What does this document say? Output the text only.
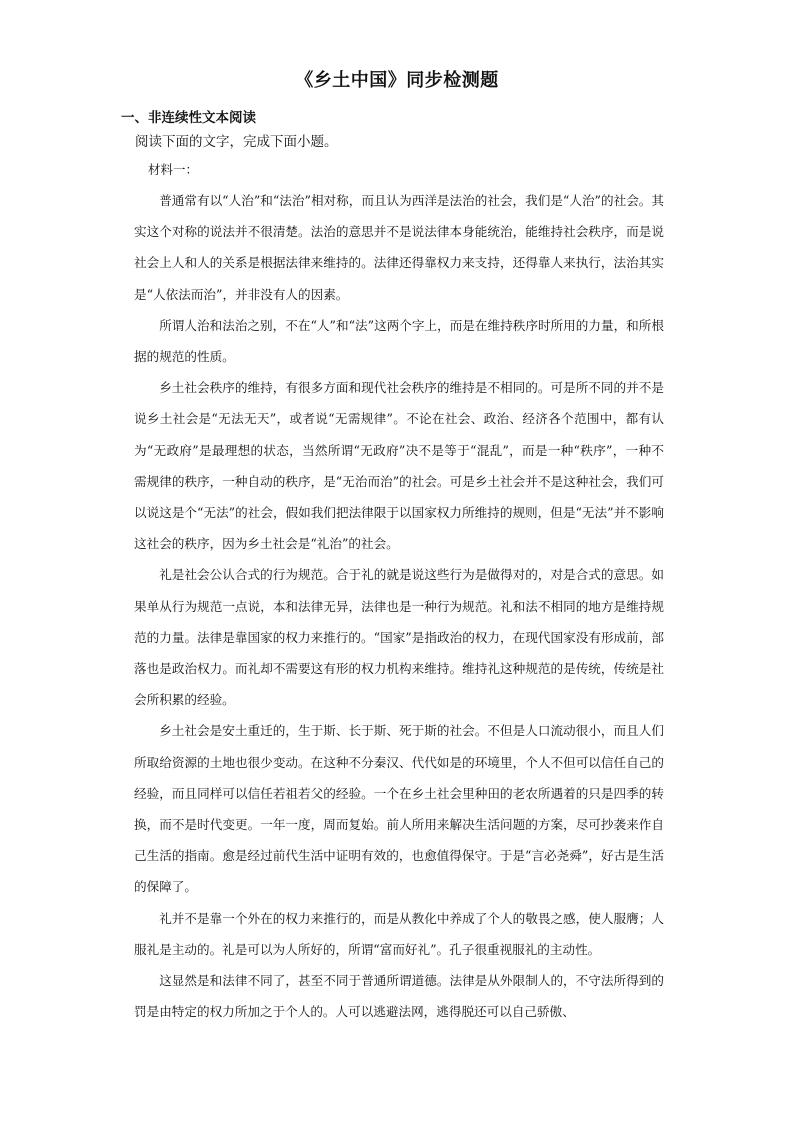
《乡土中国》同步检测题
一、非连续性文本阅读
阅读下面的文字，完成下面小题。
材料一：

普通常有以“人治”和“法治”相对称，而且认为西洋是法治的社会，我们是“人治”的社会。其实这个对称的说法并不很清楚。法治的意思并不是说法律本身能统治，能维持社会秩序，而是说社会上人和人的关系是根据法律来维持的。法律还得靠权力来支持，还得靠人来执行，法治其实是“人依法而治”，并非没有人的因素。

所谓人治和法治之别，不在“人”和“法”这两个字上，而是在维持秩序时所用的力量，和所根据的规范的性质。

乡土社会秩序的维持，有很多方面和现代社会秩序的维持是不相同的。可是所不同的并不是说乡土社会是“无法无天”，或者说“无需规律”。不论在社会、政治、经济各个范围中，都有认为“无政府”是最理想的状态，当然所谓“无政府”决不是等于“混乱”，而是一种“秩序”，一种不需规律的秩序，一种自动的秩序，是“无治而治”的社会。可是乡土社会并不是这种社会，我们可以说这是个“无法”的社会，假如我们把法律限于以国家权力所维持的规则，但是“无法”并不影响这社会的秩序，因为乡土社会是“礼治”的社会。

礼是社会公认合式的行为规范。合于礼的就是说这些行为是做得对的，对是合式的意思。如果单从行为规范一点说，本和法律无异，法律也是一种行为规范。礼和法不相同的地方是维持规范的力量。法律是靠国家的权力来推行的。“国家”是指政治的权力，在现代国家没有形成前，部落也是政治权力。而礼却不需要这有形的权力机构来维持。维持礼这种规范的是传统，传统是社会所积累的经验。

乡土社会是安土重迁的，生于斯、长于斯、死于斯的社会。不但是人口流动很小，而且人们所取给资源的土地也很少变动。在这种不分秦汉、代代如是的环境里，个人不但可以信任自己的经验，而且同样可以信任若祖若父的经验。一个在乡土社会里种田的老农所遇着的只是四季的转换，而不是时代变更。一年一度，周而复始。前人所用来解决生活问题的方案，尽可抄袭来作自己生活的指南。愈是经过前代生活中证明有效的，也愈值得保守。于是“言必尧舜”，好古是生活的保障了。

礼并不是靠一个外在的权力来推行的，而是从教化中养成了个人的敬畏之感，使人服膺；人服礼是主动的。礼是可以为人所好的，所谓“富而好礼”。孔子很重视服礼的主动性。

这显然是和法律不同了，甚至不同于普通所谓道德。法律是从外限制人的，不守法所得到的罚是由特定的权力所加之于个人的。人可以逃避法网，逃得脱还可以自己骄傲、
